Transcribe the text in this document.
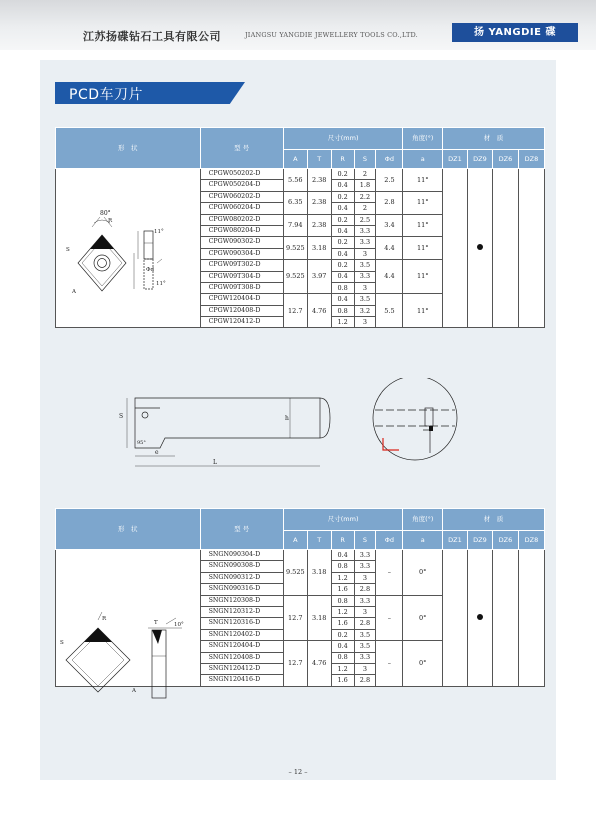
江苏扬碟钻石工具有限公司	JIANGSU YANGDIE JEWELLERY TOOLS CO.,LTD.	扬 YANGDIE 碟
PCD车刀片
形　状	型 号	尺寸(mm)					角度(°)	材　质			
		A	T	R	S	Φd	a	DZ1	DZ9	DZ6	DZ8
	CPGW050202-D	5.56	2.38	0.2	2	2.5	11°				
	CPGW050204-D			0.4	1.8						
	CPGW060202-D	6.35	2.38	0.2	2.2	2.8	11°				
	CPGW060204-D			0.4	2						
	CPGW080202-D	7.94	2.38	0.2	2.5	3.4	11°				
	CPGW080204-D			0.4	3.3						
	CPGW090302-D	9.525	3.18	0.2	3.3	4.4	11°				
	CPGW090304-D			0.4	3						
	CPGW09T302-D	9.525	3.97	0.2	3.5	4.4	11°				
	CPGW09T304-D			0.4	3.3						
	CPGW09T308-D			0.8	3						
	CPGW120404-D	12.7	4.76	0.4	3.5	5.5	11°				
	CPGW120408-D			0.8	3.2						
	CPGW120412-D			1.2	3						
形　状	型 号	尺寸(mm)					角度(°)	材　质			
		A	T	R	S	Φd	a	DZ1	DZ9	DZ6	DZ8
	SNGN090304-D	9.525	3.18	0.4	3.3	–	0°				
	SNGN090308-D			0.8	3.3						
	SNGN090312-D			1.2	3						
	SNGN090316-D			1.6	2.8						
	SNGN120308-D	12.7	3.18	0.8	3.3	–	0°				
	SNGN120312-D			1.2	3						
	SNGN120316-D			1.6	2.8						
	SNGN120402-D			0.2	3.5						
	SNGN120404-D	12.7	4.76	0.4	3.5	–	0°				
	SNGN120408-D			0.8	3.3						
	SNGN120412-D			1.2	3						
	SNGN120416-D			1.6	2.8						
80°
R
S
11°
Φd
11°
A
S	h
95°
e
L
R
S
T	10°
A
– 12 –
